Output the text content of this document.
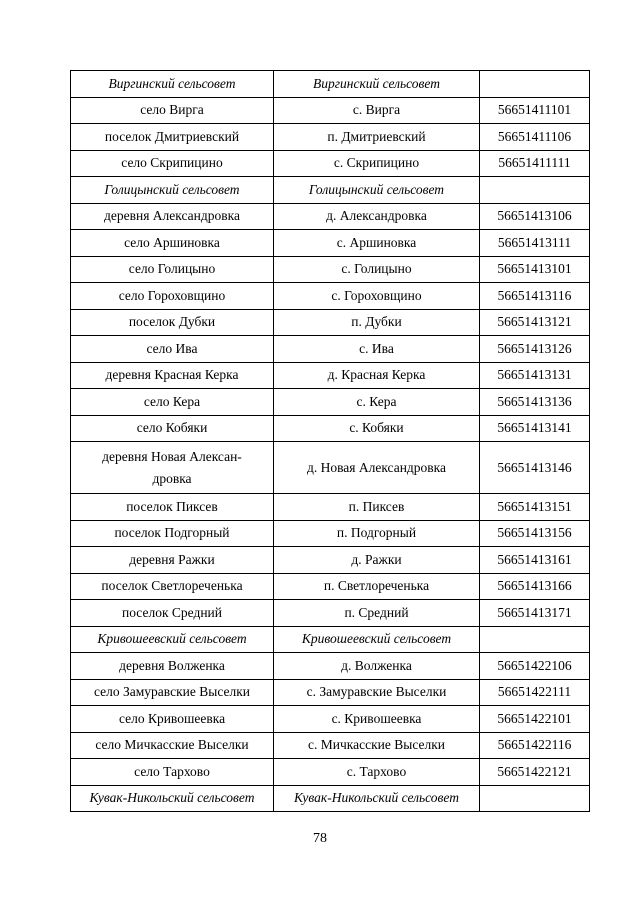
Виргинский сельсовет	Виргинский сельсовет	
село Вирга	с. Вирга	56651411101
поселок Дмитриевский	п. Дмитриевский	56651411106
село Скрипицино	с. Скрипицино	56651411111
Голицынский сельсовет	Голицынский сельсовет	
деревня Александровка	д. Александровка	56651413106
село Аршиновка	с. Аршиновка	56651413111
село Голицыно	с. Голицыно	56651413101
село Гороховщино	с. Гороховщино	56651413116
поселок Дубки	п. Дубки	56651413121
село Ива	с. Ива	56651413126
деревня Красная Керка	д. Красная Керка	56651413131
село Кера	с. Кера	56651413136
село Кобяки	с. Кобяки	56651413141
деревня Новая Алексан-
дровка	д. Новая Александровка	56651413146
поселок Пиксев	п. Пиксев	56651413151
поселок Подгорный	п. Подгорный	56651413156
деревня Ражки	д. Ражки	56651413161
поселок Светлореченька	п. Светлореченька	56651413166
поселок Средний	п. Средний	56651413171
Кривошеевский сельсовет	Кривошеевский сельсовет	
деревня Волженка	д. Волженка	56651422106
село Замуравские Выселки	с. Замуравские Выселки	56651422111
село Кривошеевка	с. Кривошеевка	56651422101
село Мичкасские Выселки	с. Мичкасские Выселки	56651422116
село Тархово	с. Тархово	56651422121
Кувак-Никольский сельсовет	Кувак-Никольский сельсовет	
78
